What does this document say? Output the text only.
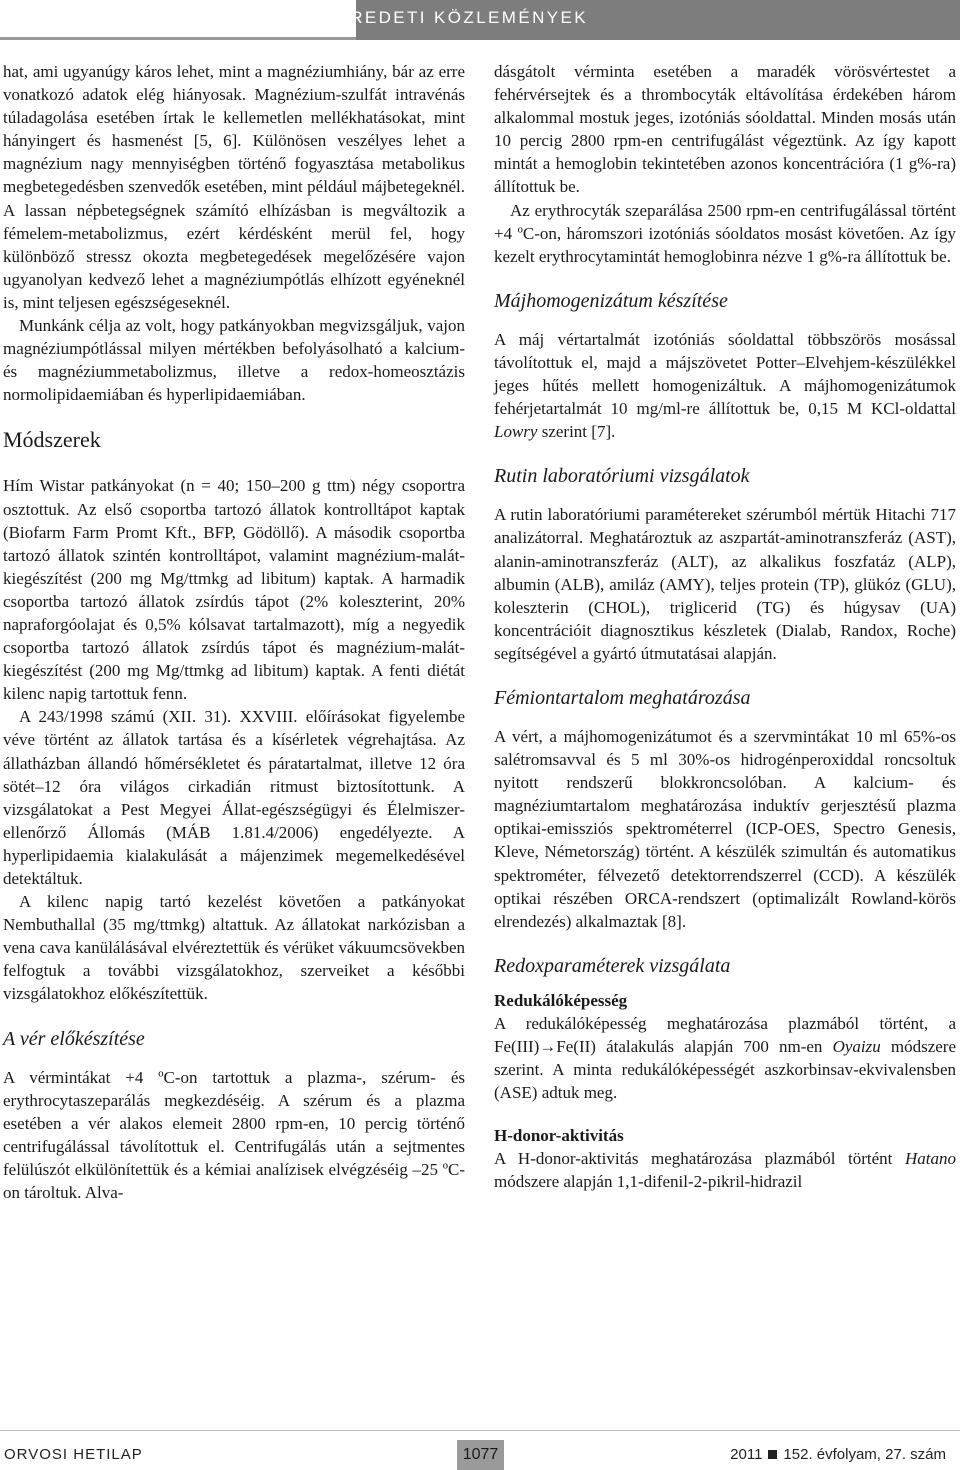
EREDETI KÖZLEMÉNYEK

hat, ami ugyanúgy káros lehet, mint a magnéziumhiány, bár az erre vonatkozó adatok elég hiányosak. Magnézium-szulfát intravénás túladagolása esetében írtak le kellemetlen mellékhatásokat, mint hányingert és hasmenést [5, 6]. Különösen veszélyes lehet a magnézium nagy mennyiségben történő fogyasztása metabolikus megbetegedésben szenvedők esetében, mint például májbetegeknél. A lassan népbetegségnek számító elhízásban is megváltozik a fémelem-metabolizmus, ezért kérdésként merül fel, hogy különböző stressz okozta megbetegedések megelőzésére vajon ugyanolyan kedvező lehet a magnéziumpótlás elhízott egyéneknél is, mint teljesen egészségeseknél.

Munkánk célja az volt, hogy patkányokban megvizsgáljuk, vajon magnéziumpótlással milyen mértékben befolyásolható a kalcium- és magnéziummetabolizmus, illetve a redox-homeosztázis normolipidaemiában és hyperlipidaemiában.

Módszerek

Hím Wistar patkányokat (n = 40; 150–200 g ttm) négy csoportra osztottuk. Az első csoportba tartozó állatok kontrolltápot kaptak (Biofarm Farm Promt Kft., BFP, Gödöllő). A második csoportba tartozó állatok szintén kontrolltápot, valamint magnézium-malát-kiegészítést (200 mg Mg/ttmkg ad libitum) kaptak. A harmadik csoportba tartozó állatok zsírdús tápot (2% koleszterint, 20% napraforgóolajat és 0,5% kólsavat tartalmazott), míg a negyedik csoportba tartozó állatok zsírdús tápot és magnézium-malát-kiegészítést (200 mg Mg/ttmkg ad libitum) kaptak. A fenti diétát kilenc napig tartottuk fenn.

A 243/1998 számú (XII. 31). XXVIII. előírásokat figyelembe véve történt az állatok tartása és a kísérletek végrehajtása. Az állatházban állandó hőmérsékletet és páratartalmat, illetve 12 óra sötét–12 óra világos cirkadián ritmust biztosítottunk. A vizsgálatokat a Pest Megyei Állat-egészségügyi és Élelmiszer-ellenőrző Állomás (MÁB 1.81.4/2006) engedélyezte. A hyperlipidaemia kialakulását a májenzimek megemelkedésével detektáltuk.

A kilenc napig tartó kezelést követően a patkányokat Nembuthallal (35 mg/ttmkg) altattuk. Az állatokat narkózisban a vena cava kanülálásával elvéreztettük és vérüket vákuumcsövekben felfogtuk a további vizsgálatokhoz, szerveiket a későbbi vizsgálatokhoz előkészítettük.

A vér előkészítése

A vérmintákat +4 ºC-on tartottuk a plazma-, szérum- és erythrocytaszeparálás megkezdéséig. A szérum és a plazma esetében a vér alakos elemeit 2800 rpm-en, 10 percig történő centrifugálással távolítottuk el. Centrifugálás után a sejtmentes felülúszót elkülönítettük és a kémiai analízisek elvégzéséig –25 ºC-on tároltuk. Alva-

dásgátolt vérminta esetében a maradék vörösvértestet a fehérvérsejtek és a thrombocyták eltávolítása érdekében három alkalommal mostuk jeges, izotóniás sóoldattal. Minden mosás után 10 percig 2800 rpm-en centrifugálást végeztünk. Az így kapott mintát a hemoglobin tekintetében azonos koncentrációra (1 g%-ra) állítottuk be.

Az erythrocyták szeparálása 2500 rpm-en centrifugálással történt +4 ºC-on, háromszori izotóniás sóoldatos mosást követően. Az így kezelt erythrocytamintát hemoglobinra nézve 1 g%-ra állítottuk be.

Májhomogenizátum készítése

A máj vértartalmát izotóniás sóoldattal többszörös mosással távolítottuk el, majd a májszövetet Potter–Elvehjem-készülékkel jeges hűtés mellett homogenizáltuk. A májhomogenizátumok fehérjetartalmát 10 mg/ml-re állítottuk be, 0,15 M KCl-oldattal Lowry szerint [7].

Rutin laboratóriumi vizsgálatok

A rutin laboratóriumi paramétereket szérumból mértük Hitachi 717 analizátorral. Meghatároztuk az aszpartát-aminotranszferáz (AST), alanin-aminotranszferáz (ALT), az alkalikus foszfatáz (ALP), albumin (ALB), amiláz (AMY), teljes protein (TP), glükóz (GLU), koleszterin (CHOL), triglicerid (TG) és húgysav (UA) koncentrációit diagnosztikus készletek (Dialab, Randox, Roche) segítségével a gyártó útmutatásai alapján.

Fémiontartalom meghatározása

A vért, a májhomogenizátumot és a szervmintákat 10 ml 65%-os salétromsavval és 5 ml 30%-os hidrogénperoxiddal roncsoltuk nyitott rendszerű blokkroncsolóban. A kalcium- és magnéziumtartalom meghatározása induktív gerjesztésű plazma optikai-emissziós spektrométerrel (ICP-OES, Spectro Genesis, Kleve, Németország) történt. A készülék szimultán és automatikus spektrométer, félvezető detektorrendszerrel (CCD). A készülék optikai részében ORCA-rendszert (optimalizált Rowland-körös elrendezés) alkalmaztak [8].

Redoxparaméterek vizsgálata
Redukálóképesség

A redukálóképesség meghatározása plazmából történt, a Fe(III)→Fe(II) átalakulás alapján 700 nm-en Oyaizu módszere szerint. A minta redukálóképességét aszkorbinsav-ekvivalensben (ASE) adtuk meg.

H-donor-aktivitás

A H-donor-aktivitás meghatározása plazmából történt Hatano módszere alapján 1,1-difenil-2-pikril-hidrazil

ORVOSI HETILAP	2011 152. évfolyam, 27. szám
1077
